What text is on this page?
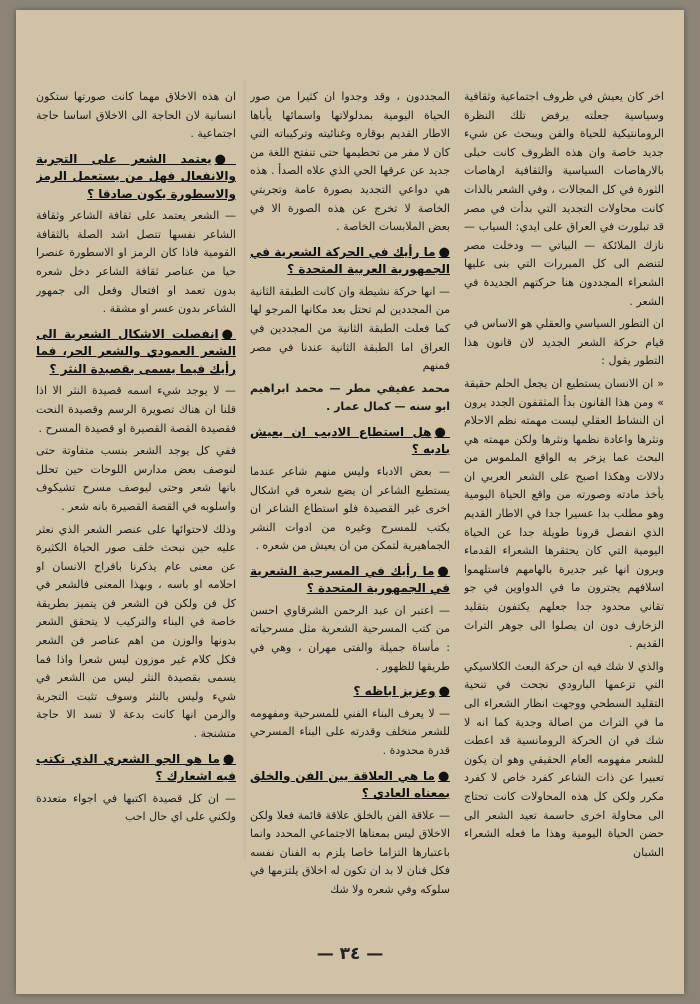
اخر كان يعيش في ظروف اجتماعية وثقافية وسياسية جعلته يرفض تلك النظرة الرومانتيكية للحياة والفن ويبحث عن شيء جديد خاصة وان هذه الظروف كانت حبلى بالارهاصات السياسية والثقافية ارهاصات الثورة في كل المجالات ، وفي الشعر بالذات كانت محاولات التجديد التي بدأت في مصر قد تبلورت في العراق على ايدي: السياب — نازك الملائكة — البياتي — ودخلت مصر لتنضم الى كل المبررات التي بنى عليها الشعراء المجددون هنا حركتهم الجديدة في الشعر .

ان التطور السياسي والعقلي هو الاساس في قيام حركة الشعر الجديد لان قانون هذا التطور يقول :

« ان الانسان يستطيع ان يجعل الحلم حقيقة » ومن هذا القانون بدأ المثقفون الجدد يرون ان النشاط العقلي ليست مهمته نظم الاحلام ونثرها واعادة نظمها ونثرها ولكن مهمته هي البحث عما يزخر به الواقع الملموس من دلالات وهكذا اصبح على الشعر العربي ان يأخذ مادته وصورته من واقع الحياة اليومية وهو مطلب بدا عسيرا جدا في الاطار القديم الذي انفصل قرونا طويلة جدا عن الحياة اليومية التي كان يحتقرها الشعراء القدماء ويرون انها غير جديرة بالهامهم فاستلهموا اسلافهم يجترون ما في الدواوين في جو تقاني محدود جدا جعلهم يكتفون بتقليد الزخارف دون ان يصلوا الى جوهر التراث القديم .

والذي لا شك فيه ان حركة البعث الكلاسيكي التي تزعمها البارودي نجحت في تنحية التقليد السطحي ووجهت انظار الشعراء الى ما في التراث من اصالة وجدية كما انه لا شك في ان الحركة الرومانسية قد اعطت للشعر مفهومه العام الحقيقي وهو ان يكون تعبيرا عن ذات الشاعر كفرد خاص لا كفرد مكرر ولكن كل هذه المحاولات كانت تحتاج الى محاولة اخرى حاسمة تعيد الشعر الى حضن الحياة اليومية وهذا ما فعله الشعراء الشبان

المجددون ، وقد وجدوا ان كثيرا من صور الحياة اليومية بمدلولاتها واسمائها يأباها الاطار القديم بوقاره وغنائيته وتركيباته التي كان لا مفر من تحطيمها حتى تنفتح اللغة من جديد عن عرقها الحي الذي علاه الصدأ . هذه هي دواعي التجديد بصورة عامة وتجربتي الخاصة لا تخرج عن هذه الصورة الا في بعض الملابسات الخاصة .

●ما رأيك في الحركة الشعرية في الجمهورية العربية المتحدة ؟

— انها حركة نشيطة وان كانت الطبقة الثانية من المجددين لم تحتل بعد مكانها المرجو لها كما فعلت الطبقة الثانية من المجددين في العراق اما الطبقة الثانية عندنا في مصر فمنهم

محمد عفيفي مطر — محمد ابراهيم ابو سنه — كمال عمار .

●هل استطاع الاديب ان يعيش بادبه ؟

— بعض الادباء وليس منهم شاعر عندما يستطيع الشاعر ان يضع شعره في اشكال اخرى غير القصيدة فلو استطاع الشاعر ان يكتب للمسرح وغيره من ادوات النشر الجماهيرية لتمكن من ان يعيش من شعره .

●ما رأيك في المسرحية الشعرية في الجمهورية المتحدة ؟

— اعتبر ان عبد الرحمن الشرقاوي احسن من كتب المسرحية الشعرية مثل مسرحياته : مأساة جميلة والفتى مهران ، وهي في طريقها للظهور .

●وعزيز اباظه ؟

— لا يعرف البناء الفني للمسرحية ومفهومه للشعر متخلف وقدرته على البناء المسرحي قدرة محدودة .

●ما هي العلاقة بين الفن والخلق بمعناه العادي ؟

— علاقة الفن بالخلق علاقة قائمة فعلا ولكن الاخلاق ليس بمعناها الاجتماعي المحدد وانما باعتبارها التزاما خاصا يلزم به الفنان نفسه فكل فنان لا بد ان تكون له اخلاق يلتزمها في سلوكه وفي شعره ولا شك

ان هذه الاخلاق مهما كانت صورتها ستكون انسانية لان الحاجة الى الاخلاق اساسا حاجة اجتماعية .

●يعتمد الشعر على التجربة والانفعال فهل من يستعمل الرمز والاسطورة يكون صادقا ؟

— الشعر يعتمد على ثقافة الشاعر وثقافة الشاعر نفسها تتصل اشد الصلة بالثقافة القومية فاذا كان الرمز او الاسطورة عنصرا حيا من عناصر ثقافة الشاعر دخل شعره بدون تعمد او افتعال وفعل الى جمهور الشاعر بدون عسر او مشقة .

●انفصلت الاشكال الشعرية الى الشعر العمودي والشعر الحر، فما رأيك فيما يسمى بقصيدة النثر ؟

— لا يوجد شيء اسمه قصيدة النثر الا اذا قلنا ان هناك تصويرة الرسم وقصيدة النحت فقصيدة القصة القصيرة او قصيدة المسرح .

ففي كل يوجد الشعر بنسب متفاوتة حتى لنوصف بعض مدارس اللوحات حين تحلل بانها شعر وحتى ليوصف مسرح تشيكوف واسلوبه في القصة القصيرة بانه شعر .

وذلك لاحتوائها على عنصر الشعر الذي نعثر عليه حين نبحث خلف صور الحياة الكثيرة عن معنى عام يذكرنا بافراح الانسان او احلامه او باسه ، وبهذا المعنى فالشعر في كل فن ولكن فن الشعر فن يتميز بطريقة خاصة في البناء والتركيب لا يتحقق الشعر بدونها والوزن من اهم عناصر فن الشعر فكل كلام غير موزون ليس شعرا واذا فما يسمى بقصيدة النثر ليس من الشعر في شيء وليس بالنثر وسوف تثبت التجربة والزمن انها كانت بدعة لا تسد الا حاجة متشنجة .

●ما هو الجو الشعري الذي تكتب فيه اشعارك ؟

— ان كل قصيدة اكتبها في اجواء متعددة ولكني على اي حال احب

— ٣٤ —
